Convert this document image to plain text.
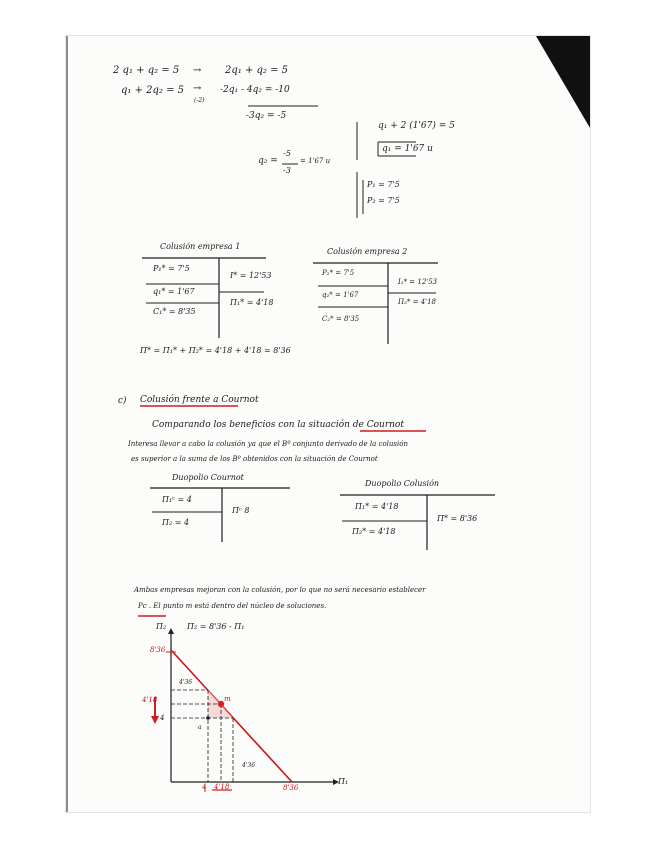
2 q₁ + q₂ = 5 → 2q₁ + q₂ = 5
q₁ + 2q₂ = 5 →
(-2)
-2q₁ - 4q₂ = -10
-3q₂ = -5
q₂ =
-5
-3
= 1'67 u
q₁ + 2 (1'67) = 5
q₁ = 1'67 u
P₁ = 7'5
P₂ = 7'5
Colusión empresa 1
P₁* = 7'5
q₁* = 1'67
C₁* = 8'35
I* = 12'53
Π₁* = 4'18
Colusión empresa 2
P₂* = 7'5
q₂* = 1'67
C₂* = 8'35
I₂* = 12'53
Π₂* = 4'18
Π* = Π₁* + Π₂* = 4'18 + 4'18 = 8'36
c) Colusión frente a Cournot
Comparando los beneficios con la situación de Cournot
Interesa llevar a cabo la colusión ya que el Bº conjunto derivado de la colusión
es superior a la suma de los Bº obtenidos con la situación de Cournot
Duopolio Cournot
Π₁ᶜ = 4
Π₂ = 4
Πᶜ 8
Duopolio Colusión
Π₁* = 4'18
Π₂* = 4'18
Π* = 8'36
Ambas empresas mejoran con la colusión, por lo que no será necesario establecer
Pc . El punto m está dentro del núcleo de soluciones.
Π₂	Π₂ = 8'36 - Π₁
8'36
4'18
4
4'36
4'36
m
a
4 4'18	8'36
Π₁
